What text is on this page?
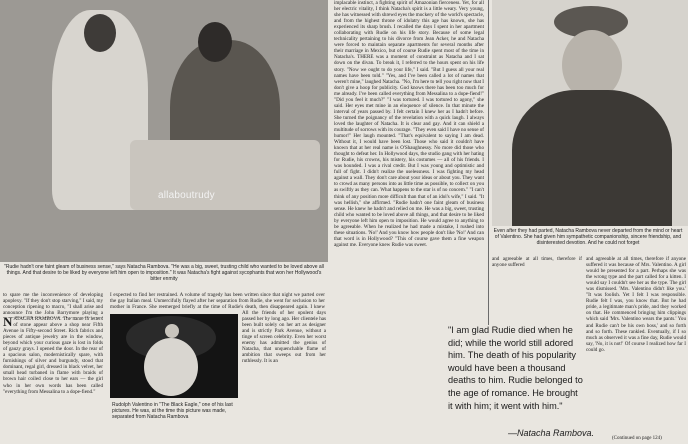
allaboutrudy
"Rudie hadn't one faint gleam of business sense," says Natacha Rambova. "He was a big, sweet, trusting child who wanted to be loved above all things. And that desire to be liked by everyone left him open to imposition." It was Natacha's fight against sycophants that won her Hollywood's bitter enmity

to spare me the inconvenience of developing apoplexy. "If they don't stop starving," I said, my conception ripening to macro, "I shall arise and announce I'm the John Barrymore playing a

NATACHA RAMBOVA. The name in letters of stone appear above a shop near Fifth Avenue in Fifty-second Street. Rich fabrics and pieces of antique jewelry are in the window, beyond which your curious gaze is lost in folds of gauzy grays. I opened the door. In the rear of a spacious salon, modernistically spare, with furnishings of silver and burgundy, stood that dominant, regal girl, dressed in black velvet, her small head turbaned in flame with braids of brown hair coiled close to her ears — the girl who in her own words has been called "everything from Messalina to a dope-fiend."

I expected to find her restrained. A volume of tragedy has been written since that night we parted over the gay Italian meal. Unmercifully flayed after her separation from Rudie, she went for seclusion to her mother in France. She reemerged briefly at the time of Rudie's death, then disappeared again. I knew

All the friends of her opulent days passed her by long ago. Her clientele has been built solely on her art as designer and is strictly Park Avenue, without a tinge of screen celebrity. Even her worst enemy has admitted the genius of Natacha, that unquenchable flame of ambition that sweeps out from her ruthlessly. It is an

Rudolph Valentino in "The Black Eagle," one of his last pictures. He was, at the time this picture was made, separated from Natacha Rambova

implacable instinct, a fighting spirit of Amazonian fierceness. Yet, for all her electric vitality, I think Natacha's spirit is a little weary. Very young, she has witnessed with shrewd eyes the mockery of the world's spectacle, and from the highest throne of idolatry this age has known, she has experienced its sharp brush. I recalled the days I spent in her apartment collaborating with Rudie on his life story. Because of some legal technicality pertaining to his divorce from Jean Acker, he and Natacha were forced to maintain separate apartments for several months after their marriage in Mexico, but of course Rudie spent most of the time in Natacha's. THERE was a moment of constraint as Natacha and I sat down on the divan. To break it, I referred to the hours spent on his life story. "Now we ought to do your life," I said. "But I guess all your real names have been told." "Yes, and I've been called a lot of names that weren't mine," laughed Natacha. "No, I'm here to tell you right now that I don't give a hoop for publicity. God knows there has been too much for me already. I've been called everything from Messalina to a dope-fiend!" "Did you feel it much?" "I was tortured. I was tortured to agony," she said. Her eyes met mine in an eloquence of silence. In that minute the interval of years passed by. I felt certain I knew her as I hadn't before. She turned the poignancy of the revelation with a quick laugh. I always loved the laughter of Natacha. It is clear and gay. And it can shield a multitude of sorrows with its courage. "They even said I have no sense of humor!" Her laugh mounted. "That's equivalent to saying I am dead. Without it, I would have been lost. Those who said it couldn't have known that at her real name is O'Shaughnessy. No more did those who thought to defeat her. In Hollywood days, the studio gang with her hating for Rudie, his crowns, his mistery, his costumes — all of his friends. I was hounded. I was a rival credit. But I was young and optimistic and full of fight. I didn't realize the uselessness. I was fighting my head against a wall. They don't care about your ideas or about you. They want to crowd as many persons into as little time as possible, to collect on you as swiftly as they can. What happens to the star is of no concern." "I can't think of any position more difficult than that of an idol's wife," I said. "It was hellish," she affirmed. "Rudie hadn't one faint gleam of business sense. He knew he hadn't and relied on me. He was a big, sweet, trusting child who wanted to be loved above all things, and that desire to be liked by everyone left him open to imposition. He would agree to anything to be agreeable. When he realized he had made a mistake, I rushed into these situations. 'No!' And you know how people don't like 'No!' And can that word is in Hollywood? "This of course gave them a fine weapon against me. Everyone knew Rudie was sweet.

Even after they had parted, Natacha Rambova never departed from the mind or heart of Valentino. She had given him sympathetic companionship, sincere friendship, and disinterested devotion. And he could not forget

and agreeable at all times, therefore if anyone suffered it was because of Mrs. Valentino. A girl would be presented for a part. Perhaps she was the wrong type and the part called for a kitten. I would say I couldn't see her as the type. The girl was dismissed. 'Mrs. Valentino didn't like you.' "It was foolish. Yet I felt I was responsible. Rudie felt I was, you know that. But he had pride, a legitimate man's pride, and they worked on that. He commenced bringing him clippings which said 'Mrs. Valentino wears the pants.' You and Rudie can't be his own boss,' and so forth and so forth. These rankled. Eventually, if I so much as observed it was a fine day, Rudie would say, 'No, it is not!' Of course I realized how far I could go.

and agreeable at all times, therefore if anyone suffered

"I am glad Rudie died when he did; while the world still adored him. The death of his popularity would have been a thousand deaths to him. Rudie belonged to the age of romance. He brought it with him; it went with him."
—Natacha Rambova.
(Continued on page 124)
